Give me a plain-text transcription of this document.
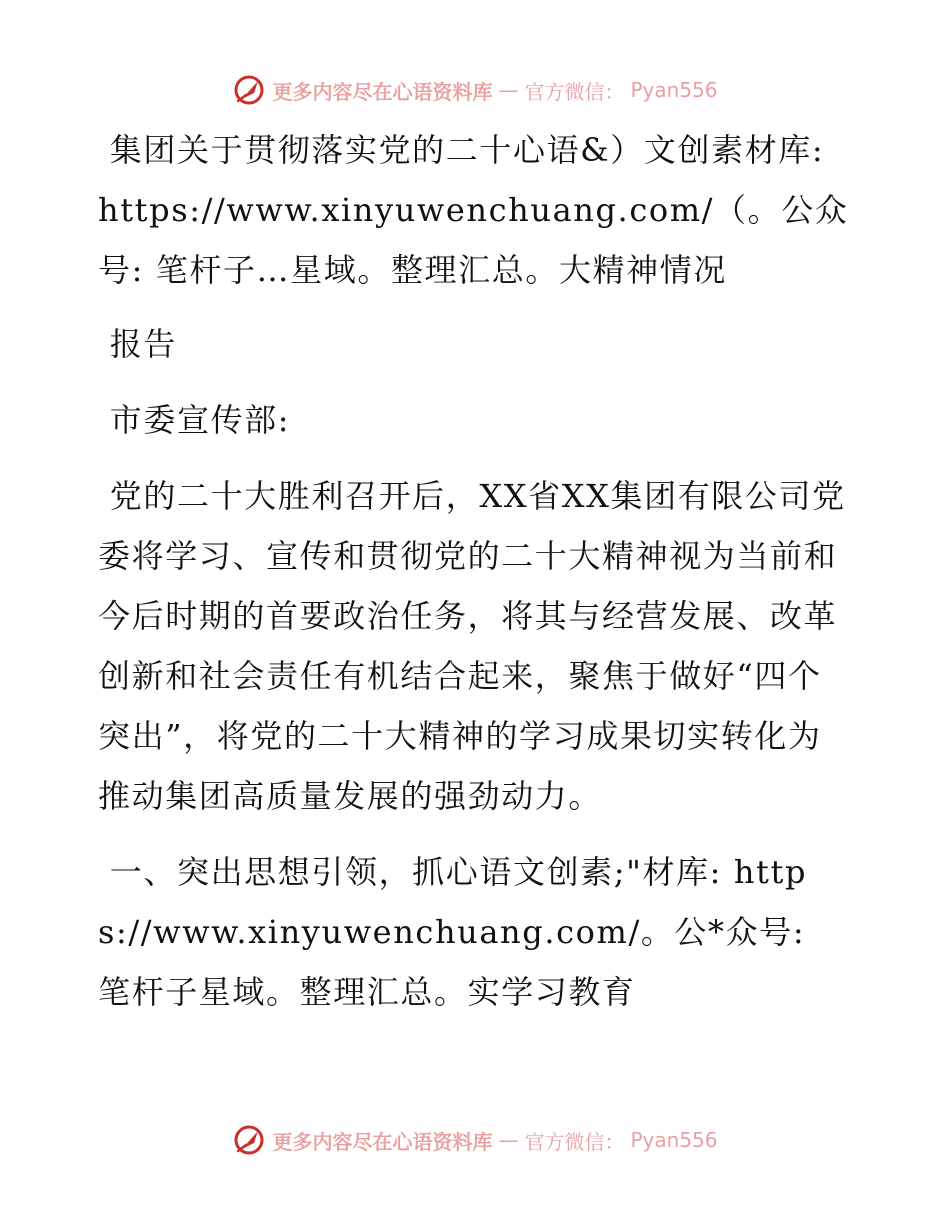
更多内容尽在心语资料库 — 官方微信： Pyan556

集团关于贯彻落实党的二十心语&）文创素材库: https://www.xinyuwenchuang.com/（。公众号: 笔杆子…星域。整理汇总。大精神情况

报告

市委宣传部:

党的二十大胜利召开后，XX省XX集团有限公司党委将学习、宣传和贯彻党的二十大精神视为当前和今后时期的首要政治任务，将其与经营发展、改革创新和社会责任有机结合起来，聚焦于做好“四个突出”，将党的二十大精神的学习成果切实转化为推动集团高质量发展的强劲动力。

一、突出思想引领，抓心语文创素;"材库: https://www.xinyuwenchuang.com/。公*众号: 笔杆子星域。整理汇总。实学习教育

更多内容尽在心语资料库 — 官方微信： Pyan556
